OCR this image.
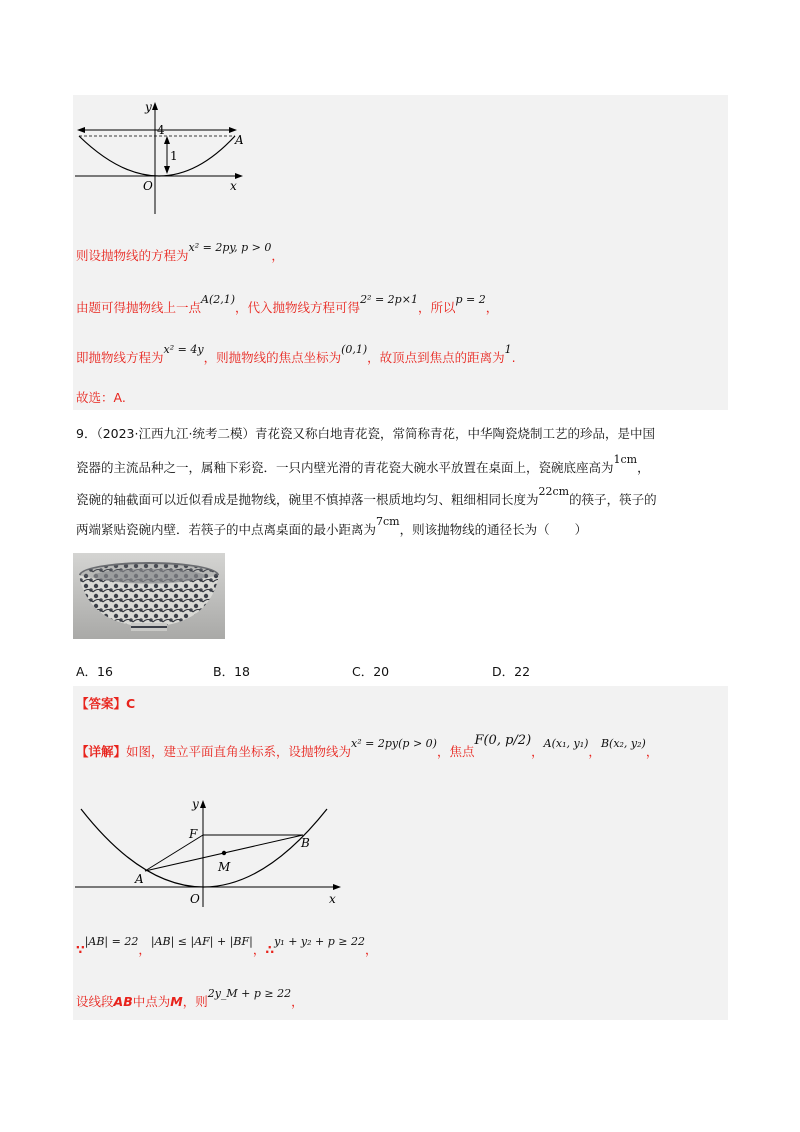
4
1
A
O	x
y
则设抛物线的方程为x² = 2py, p > 0，
由题可得抛物线上一点A(2,1)，代入抛物线方程可得2² = 2p×1，所以p = 2，
即抛物线方程为x² = 4y，则抛物线的焦点坐标为(0,1)，故顶点到焦点的距离为1.
故选：A.
9．（2023·江西九江·统考二模）青花瓷又称白地青花瓷，常简称青花，中华陶瓷烧制工艺的珍品，是中国
瓷器的主流品种之一，属釉下彩瓷．一只内壁光滑的青花瓷大碗水平放置在桌面上，瓷碗底座高为1cm，
瓷碗的轴截面可以近似看成是抛物线，碗里不慎掉落一根质地均匀、粗细相同长度为22cm的筷子，筷子的
两端紧贴瓷碗内壁．若筷子的中点离桌面的最小距离为7cm，则该抛物线的通径长为（　　）
A．16	B．18	C．20	D．22
【答案】C
【详解】如图，建立平面直角坐标系，设抛物线为x² = 2py(p > 0)，焦点F(0, p/2)，A(x₁, y₁)，B(x₂, y₂)，
A
B
F
M
O	x
y
∵|AB| = 22，|AB| ≤ |AF| + |BF|，∴y₁ + y₂ + p ≥ 22，
设线段AB中点为M，则2y_M + p ≥ 22，
